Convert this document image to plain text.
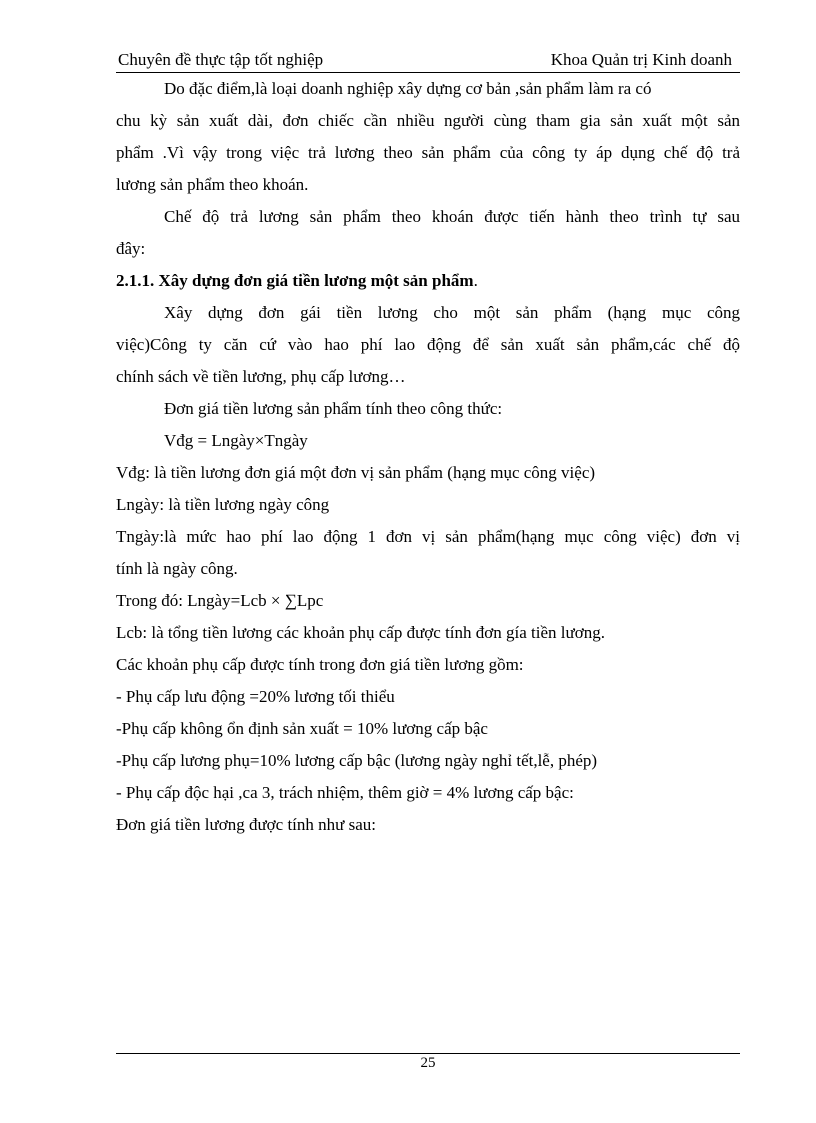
Chuyên đề thực tập tốt nghiệp	Khoa Quản trị Kinh doanh
Do đặc điểm,là loại doanh nghiệp xây dựng cơ bản ,sản phẩm làm ra có
chu kỳ sản xuất dài, đơn chiếc cần nhiều người cùng tham gia sản xuất một sản
phẩm .Vì vậy trong việc trả lương theo sản phẩm của công ty áp dụng chế độ trả
lương sản phẩm theo khoán.
Chế độ trả lương sản phẩm theo khoán được tiến hành theo trình tự sau
đây:
2.1.1. Xây dựng đơn giá tiền lương một sản phẩm.
Xây dựng đơn gái tiền lương cho một sản phẩm (hạng mục công
việc)Công ty căn cứ vào hao phí lao động để sản xuất sản phẩm,các chế độ
chính sách về tiền lương, phụ cấp lương…
Đơn giá tiền lương sản phẩm tính theo công thức:
Vđg = Lngày×Tngày
Vđg: là tiền lương đơn giá một đơn vị sản phẩm (hạng mục công việc)
Lngày: là tiền lương ngày công
Tngày:là mức hao phí lao động 1 đơn vị sản phẩm(hạng mục công việc) đơn vị
tính là ngày công.
Trong đó: Lngày=Lcb × ∑Lpc
Lcb: là tổng tiền lương các khoản phụ cấp được tính đơn gía tiền lương.
Các khoản phụ cấp được tính trong đơn giá tiền lương gồm:
- Phụ cấp lưu động =20% lương tối thiểu
-Phụ cấp không ổn định sản xuất = 10% lương cấp bậc
-Phụ cấp lương phụ=10% lương cấp bậc (lương ngày nghỉ tết,lễ, phép)
- Phụ cấp độc hại ,ca 3, trách nhiệm, thêm giờ = 4% lương cấp bậc:
Đơn giá tiền lương được tính như sau:
25
